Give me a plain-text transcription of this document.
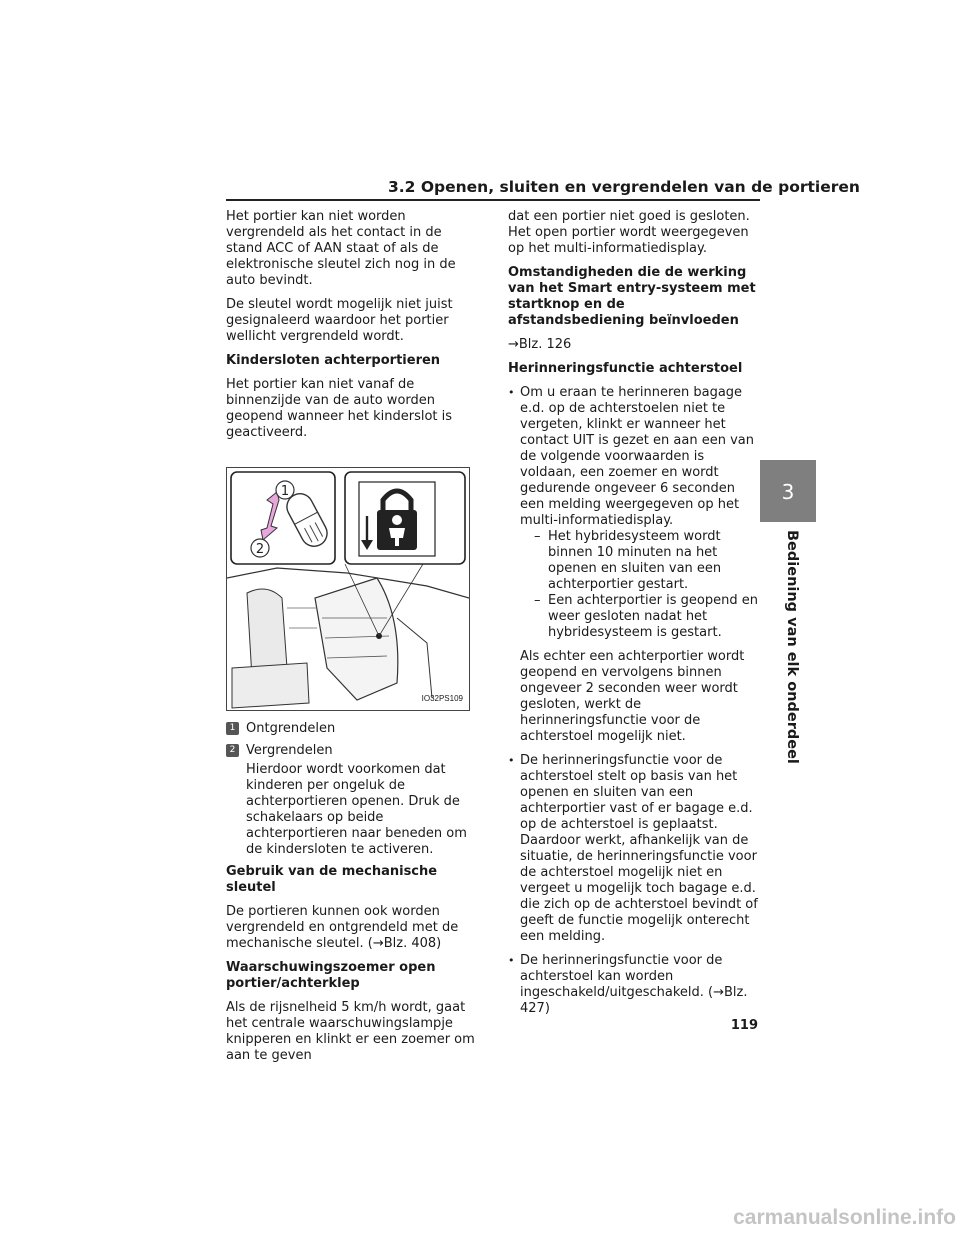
3.2 Openen, sluiten en vergrendelen van de portieren

Het portier kan niet worden vergrendeld als het contact in de stand ACC of AAN staat of als de elektronische sleutel zich nog in de auto bevindt.

De sleutel wordt mogelijk niet juist gesignaleerd waardoor het portier wellicht vergrendeld wordt.

Kindersloten achterportieren

Het portier kan niet vanaf de binnenzijde van de auto worden geopend wanneer het kinderslot is geactiveerd.

1
2
IO32PS109
1 Ontgrendelen
2 Vergrendelen

Hierdoor wordt voorkomen dat kinderen per ongeluk de achterportieren openen. Druk de schakelaars op beide achterportieren naar beneden om de kindersloten te activeren.

Gebruik van de mechanische sleutel

De portieren kunnen ook worden vergrendeld en ontgrendeld met de mechanische sleutel. (→Blz. 408)

Waarschuwingszoemer open portier/achterklep

Als de rijsnelheid 5 km/h wordt, gaat het centrale waarschuwingslampje knipperen en klinkt er een zoemer om aan te geven

dat een portier niet goed is gesloten. Het open portier wordt weergegeven op het multi-informatiedisplay.

Omstandigheden die de werking van het Smart entry-systeem met startknop en de afstandsbediening beïnvloeden

→Blz. 126

Herinneringsfunctie achterstoel

• Om u eraan te herinneren bagage e.d. op de achterstoelen niet te vergeten, klinkt er wanneer het contact UIT is gezet en aan een van de volgende voorwaarden is voldaan, een zoemer en wordt gedurende ongeveer 6 seconden een melding weergegeven op het multi-informatiedisplay.
– Het hybridesysteem wordt binnen 10 minuten na het openen en sluiten van een achterportier gestart.
– Een achterportier is geopend en weer gesloten nadat het hybridesysteem is gestart.

Als echter een achterportier wordt geopend en vervolgens binnen ongeveer 2 seconden weer wordt gesloten, werkt de herinneringsfunctie voor de achterstoel mogelijk niet.

• De herinneringsfunctie voor de achterstoel stelt op basis van het openen en sluiten van een achterportier vast of er bagage e.d. op de achterstoel is geplaatst. Daardoor werkt, afhankelijk van de situatie, de herinneringsfunctie voor de achterstoel mogelijk niet en vergeet u mogelijk toch bagage e.d. die zich op de achterstoel bevindt of geeft de functie mogelijk onterecht een melding.
• De herinneringsfunctie voor de achterstoel kan worden ingeschakeld/uitgeschakeld. (→Blz. 427)
3
Bediening van elk onderdeel
119
carmanualsonline.info
